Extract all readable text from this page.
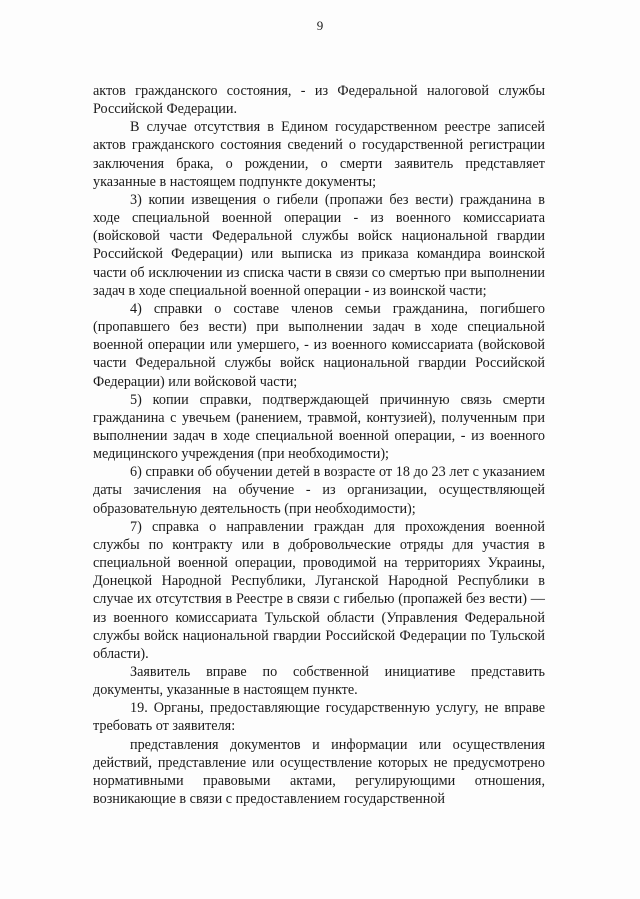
9

актов гражданского состояния, - из Федеральной налоговой службы Российской Федерации.

В случае отсутствия в Едином государственном реестре записей актов гражданского состояния сведений о государственной регистрации заключения брака, о рождении, о смерти заявитель представляет указанные в настоящем подпункте документы;

3) копии извещения о гибели (пропажи без вести) гражданина в ходе специальной военной операции - из военного комиссариата (войсковой части Федеральной службы войск национальной гвардии Российской Федерации) или выписка из приказа командира воинской части об исключении из списка части в связи со смертью при выполнении задач в ходе специальной военной операции - из воинской части;

4) справки о составе членов семьи гражданина, погибшего (пропавшего без вести) при выполнении задач в ходе специальной военной операции или умершего, - из военного комиссариата (войсковой части Федеральной службы войск национальной гвардии Российской Федерации) или войсковой части;

5) копии справки, подтверждающей причинную связь смерти гражданина с увечьем (ранением, травмой, контузией), полученным при выполнении задач в ходе специальной военной операции, - из военного медицинского учреждения (при необходимости);

6) справки об обучении детей в возрасте от 18 до 23 лет с указанием даты зачисления на обучение - из организации, осуществляющей образовательную деятельность (при необходимости);

7) справка о направлении граждан для прохождения военной службы по контракту или в добровольческие отряды для участия в специальной военной операции, проводимой на территориях Украины, Донецкой Народной Республики, Луганской Народной Республики в случае их отсутствия в Реестре в связи с гибелью (пропажей без вести) — из военного комиссариата Тульской области (Управления Федеральной службы войск национальной гвардии Российской Федерации по Тульской области).

Заявитель вправе по собственной инициативе представить документы, указанные в настоящем пункте.

19. Органы, предоставляющие государственную услугу, не вправе требовать от заявителя:

представления документов и информации или осуществления действий, представление или осуществление которых не предусмотрено нормативными правовыми актами, регулирующими отношения, возникающие в связи с предоставлением государственной
